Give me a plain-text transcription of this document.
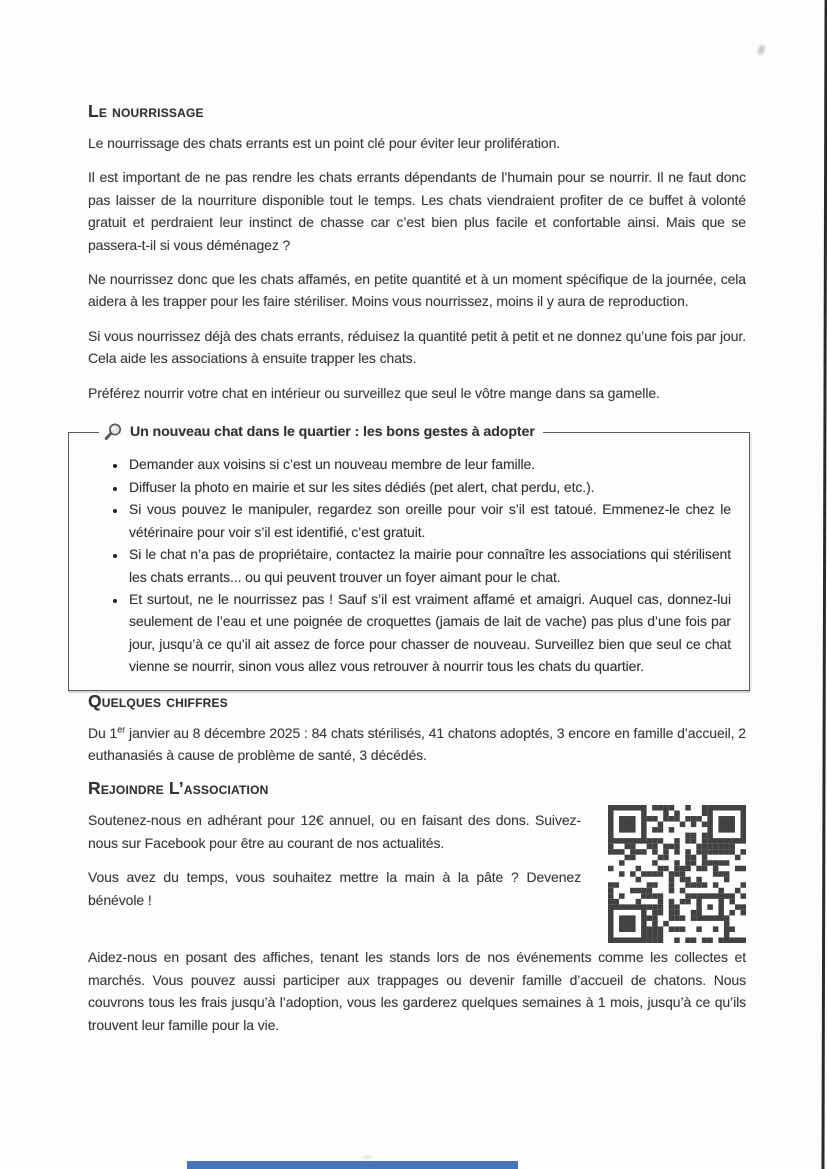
Le nourrissage

Le nourrissage des chats errants est un point clé pour éviter leur prolifération.

Il est important de ne pas rendre les chats errants dépendants de l’humain pour se nourrir. Il ne faut donc pas laisser de la nourriture disponible tout le temps. Les chats viendraient profiter de ce buffet à volonté gratuit et perdraient leur instinct de chasse car c’est bien plus facile et confortable ainsi. Mais que se passera-t-il si vous déménagez ?

Ne nourrissez donc que les chats affamés, en petite quantité et à un moment spécifique de la journée, cela aidera à les trapper pour les faire stériliser. Moins vous nourrissez, moins il y aura de reproduction.

Si vous nourrissez déjà des chats errants, réduisez la quantité petit à petit et ne donnez qu’une fois par jour. Cela aide les associations à ensuite trapper les chats.

Préférez nourrir votre chat en intérieur ou surveillez que seul le vôtre mange dans sa gamelle.

Un nouveau chat dans le quartier : les bons gestes à adopter
• Demander aux voisins si c’est un nouveau membre de leur famille.
• Diffuser la photo en mairie et sur les sites dédiés (pet alert, chat perdu, etc.).
• Si vous pouvez le manipuler, regardez son oreille pour voir s’il est tatoué. Emmenez-le chez le vétérinaire pour voir s’il est identifié, c’est gratuit.
• Si le chat n’a pas de propriétaire, contactez la mairie pour connaître les associations qui stérilisent les chats errants... ou qui peuvent trouver un foyer aimant pour le chat.
• Et surtout, ne le nourrissez pas ! Sauf s’il est vraiment affamé et amaigri. Auquel cas, donnez-lui seulement de l’eau et une poignée de croquettes (jamais de lait de vache) pas plus d’une fois par jour, jusqu’à ce qu’il ait assez de force pour chasser de nouveau. Surveillez bien que seul ce chat vienne se nourrir, sinon vous allez vous retrouver à nourrir tous les chats du quartier.
Quelques chiffres

Du 1er janvier au 8 décembre 2025 : 84 chats stérilisés, 41 chatons adoptés, 3 encore en famille d’accueil, 2 euthanasiés à cause de problème de santé, 3 décédés.

Rejoindre L’association

Soutenez-nous en adhérant pour 12€ annuel, ou en faisant des dons. Suivez-nous sur Facebook pour être au courant de nos actualités.

Vous avez du temps, vous souhaitez mettre la main à la pâte ? Devenez bénévole !

Aidez-nous en posant des affiches, tenant les stands lors de nos événements comme les collectes et marchés. Vous pouvez aussi participer aux trappages ou devenir famille d’accueil de chatons. Nous couvrons tous les frais jusqu’à l’adoption, vous les garderez quelques semaines à 1 mois, jusqu’à ce qu’ils trouvent leur famille pour la vie.
